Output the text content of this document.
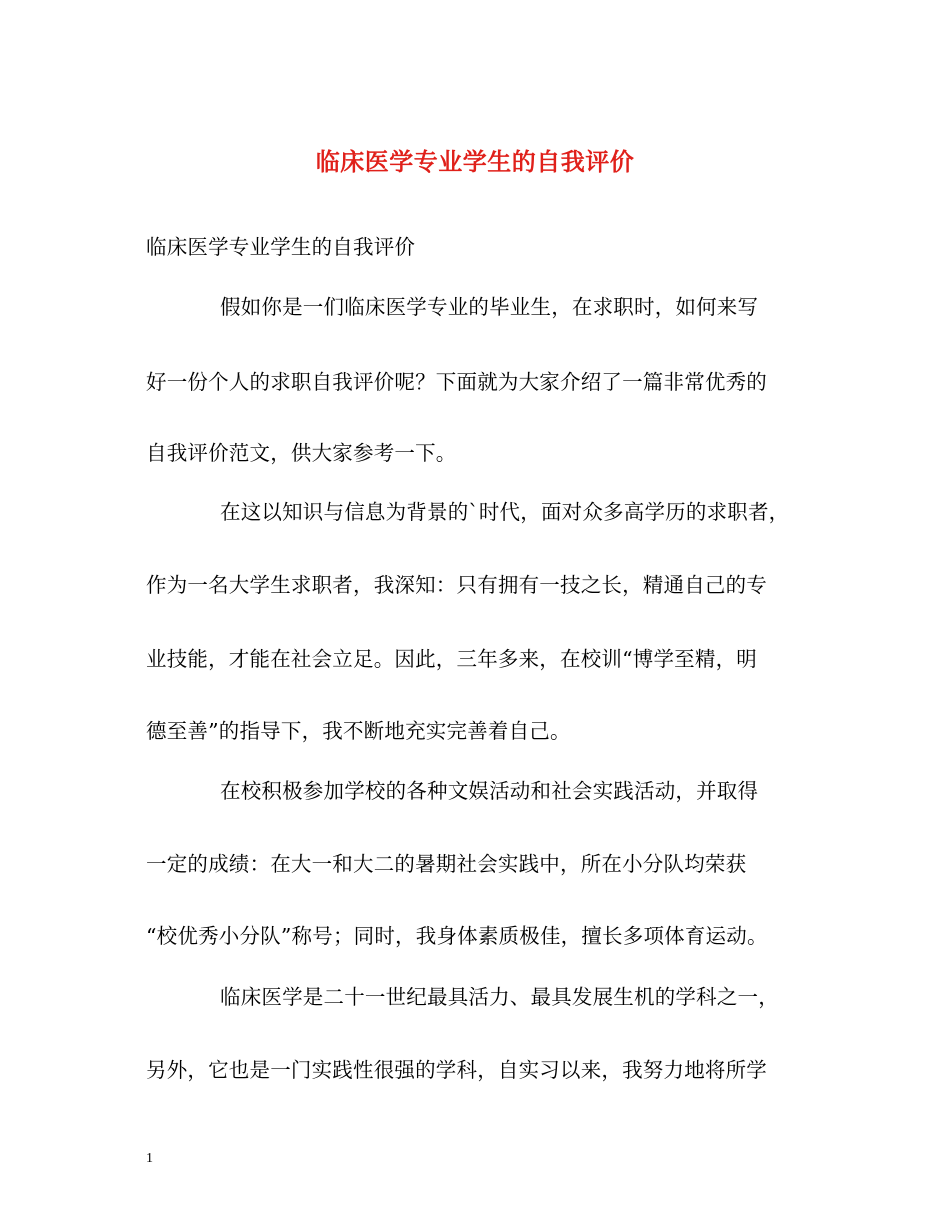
临床医学专业学生的自我评价
临床医学专业学生的自我评价
假如你是一们临床医学专业的毕业生，在求职时，如何来写
好一份个人的求职自我评价呢？下面就为大家介绍了一篇非常优秀的
自我评价范文，供大家参考一下。
在这以知识与信息为背景的`时代，面对众多高学历的求职者，
作为一名大学生求职者，我深知：只有拥有一技之长，精通自己的专
业技能，才能在社会立足。因此，三年多来，在校训“博学至精，明
德至善”的指导下，我不断地充实完善着自己。
在校积极参加学校的各种文娱活动和社会实践活动，并取得
一定的成绩：在大一和大二的暑期社会实践中，所在小分队均荣获
“校优秀小分队”称号；同时，我身体素质极佳，擅长多项体育运动。
临床医学是二十一世纪最具活力、最具发展生机的学科之一，
另外，它也是一门实践性很强的学科，自实习以来，我努力地将所学
1
